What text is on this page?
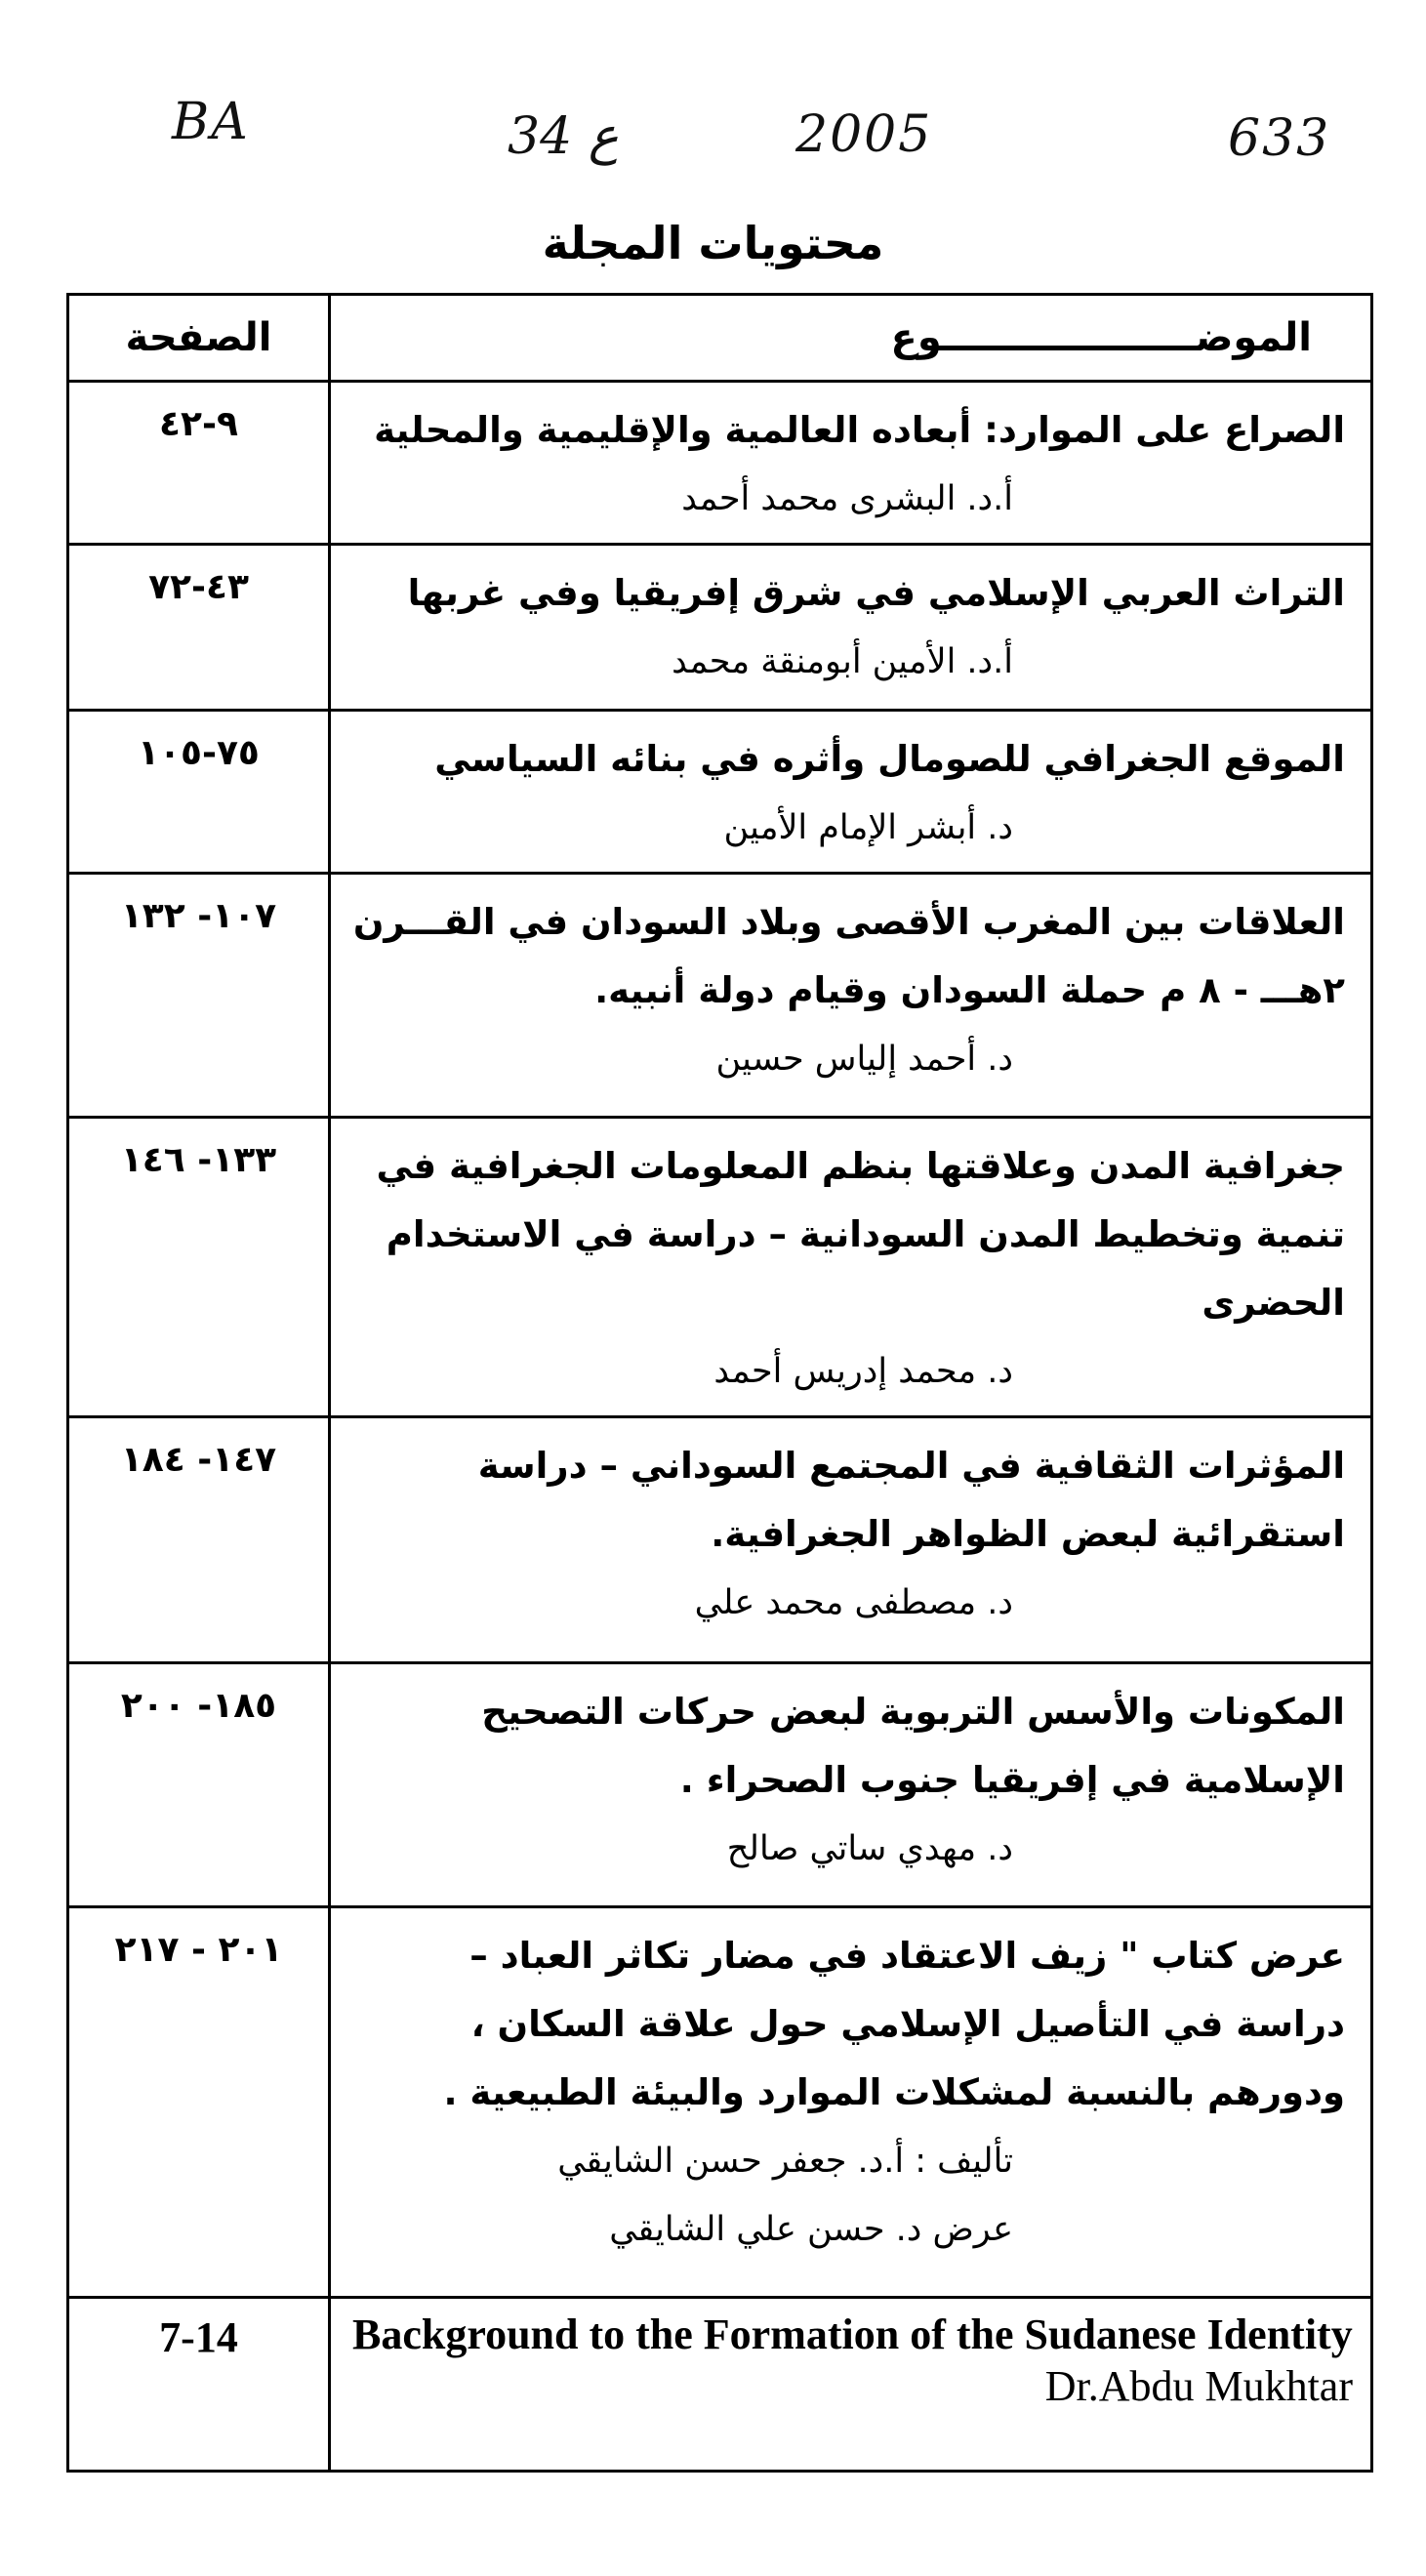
BA	34 ع	2005	633
محتويات المجلة
الصفحة	الموضـــــــــــــــــــوع
٩-٤٢	الصراع على الموارد: أبعاده العالمية والإقليمية والمحلية
أ.د. البشرى محمد أحمد

٤٣-٧٢	التراث العربي الإسلامي في شرق إفريقيا وفي غربها
أ.د. الأمين أبومنقة محمد

٧٥-١٠٥	الموقع الجغرافي للصومال وأثره في بنائه السياسي
د. أبشر الإمام الأمين

١٠٧- ١٣٢	العلاقات بين المغرب الأقصى وبلاد السودان في القـــرن ٢هـــ - ٨ م حملة السودان وقيام دولة أنبيه.
د. أحمد إلياس حسين

١٣٣- ١٤٦	جغرافية المدن وعلاقتها بنظم المعلومات الجغرافية في تنمية وتخطيط المدن السودانية – دراسة في الاستخدام الحضرى
د. محمد إدريس أحمد

١٤٧- ١٨٤	المؤثرات الثقافية في المجتمع السوداني – دراسة استقرائية لبعض الظواهر الجغرافية.
د. مصطفى محمد علي

١٨٥- ٢٠٠	المكونات والأسس التربوية لبعض حركات التصحيح الإسلامية في إفريقيا جنوب الصحراء .
د. مهدي ساتي صالح

٢٠١ - ٢١٧	عرض كتاب " زيف الاعتقاد في مضار تكاثر العباد – دراسة في التأصيل الإسلامي حول علاقة السكان ، ودورهم بالنسبة لمشكلات الموارد والبيئة الطبيعية .
تأليف : أ.د. جعفر حسن الشايقي
عرض د. حسن علي الشايقي

7-14	Background to the Formation of the Sudanese Identity
Dr.Abdu Mukhtar
